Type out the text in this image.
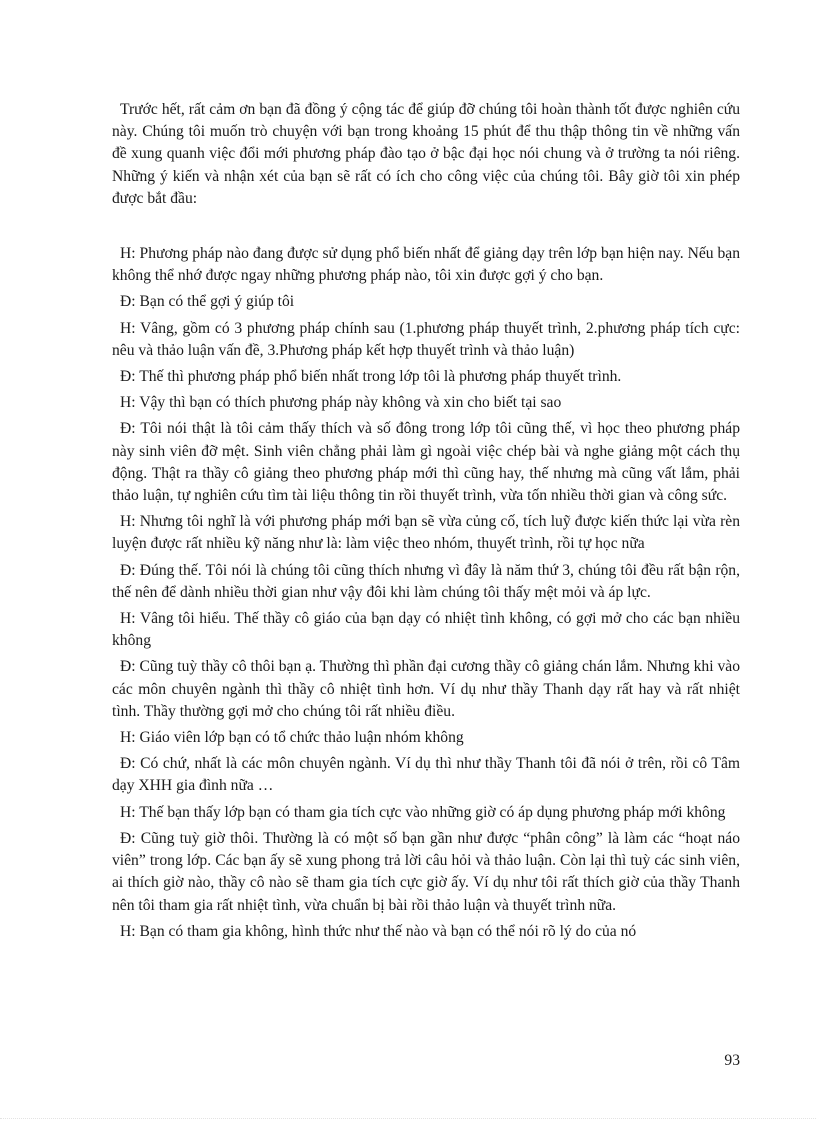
Trước hết, rất cảm ơn bạn đã đồng ý cộng tác để giúp đỡ chúng tôi hoàn thành tốt được nghiên cứu này. Chúng tôi muốn trò chuyện với bạn trong khoảng 15 phút để thu thập thông tin về những vấn đề xung quanh việc đổi mới phương pháp đào tạo ở bậc đại học nói chung và ở trường ta nói riêng. Những ý kiến và nhận xét của bạn sẽ rất có ích cho công việc của chúng tôi. Bây giờ tôi xin phép được bắt đầu:

H: Phương pháp nào đang được sử dụng phổ biến nhất để giảng dạy trên lớp bạn hiện nay. Nếu bạn không thể nhớ được ngay những phương pháp nào, tôi xin được gợi ý cho bạn.

Đ: Bạn có thể gợi ý giúp tôi

H: Vâng, gồm có 3 phương pháp chính sau (1.phương pháp thuyết trình, 2.phương pháp tích cực: nêu và thảo luận vấn đề, 3.Phương pháp kết hợp thuyết trình và thảo luận)

Đ: Thế thì phương pháp phổ biến nhất trong lớp tôi là phương pháp thuyết trình.

H: Vậy thì bạn có thích phương pháp này không và xin cho biết tại sao

Đ: Tôi nói thật là tôi cảm thấy thích và số đông trong lớp tôi cũng thế, vì học theo phương pháp này sinh viên đỡ mệt. Sinh viên chẳng phải làm gì ngoài việc chép bài và nghe giảng một cách thụ động. Thật ra thầy cô giảng theo phương pháp mới thì cũng hay, thế nhưng mà cũng vất lắm, phải thảo luận, tự nghiên cứu tìm tài liệu thông tin rồi thuyết trình, vừa tốn nhiều thời gian và công sức.

H: Nhưng tôi nghĩ là với phương pháp mới bạn sẽ vừa củng cố, tích luỹ được kiến thức lại vừa rèn luyện được rất nhiều kỹ năng như là: làm việc theo nhóm, thuyết trình, rồi tự học nữa

Đ: Đúng thế. Tôi nói là chúng tôi cũng thích nhưng vì đây là năm thứ 3, chúng tôi đều rất bận rộn, thế nên để dành nhiều thời gian như vậy đôi khi làm chúng tôi thấy mệt mỏi và áp lực.

H: Vâng tôi hiểu. Thế thầy cô giáo của bạn dạy có nhiệt tình không, có gợi mở cho các bạn nhiều không

Đ: Cũng tuỳ thầy cô thôi bạn ạ. Thường thì phần đại cương thầy cô giảng chán lắm. Nhưng khi vào các môn chuyên ngành thì thầy cô nhiệt tình hơn. Ví dụ như thầy Thanh dạy rất hay và rất nhiệt tình. Thầy thường gợi mở cho chúng tôi rất nhiều điều.

H: Giáo viên lớp bạn có tổ chức thảo luận nhóm không

Đ: Có chứ, nhất là các môn chuyên ngành. Ví dụ thì như thầy Thanh tôi đã nói ở trên, rồi cô Tâm dạy XHH gia đình nữa …

H: Thế bạn thấy lớp bạn có tham gia tích cực vào những giờ có áp dụng phương pháp mới không

Đ: Cũng tuỳ giờ thôi. Thường là có một số bạn gần như được “phân công” là làm các “hoạt náo viên” trong lớp. Các bạn ấy sẽ xung phong trả lời câu hỏi và thảo luận. Còn lại thì tuỳ các sinh viên, ai thích giờ nào, thầy cô nào sẽ tham gia tích cực giờ ấy. Ví dụ như tôi rất thích giờ của thầy Thanh nên tôi tham gia rất nhiệt tình, vừa chuẩn bị bài rồi thảo luận và thuyết trình nữa.

H: Bạn có tham gia không, hình thức như thế nào và bạn có thể nói rõ lý do của nó

93
